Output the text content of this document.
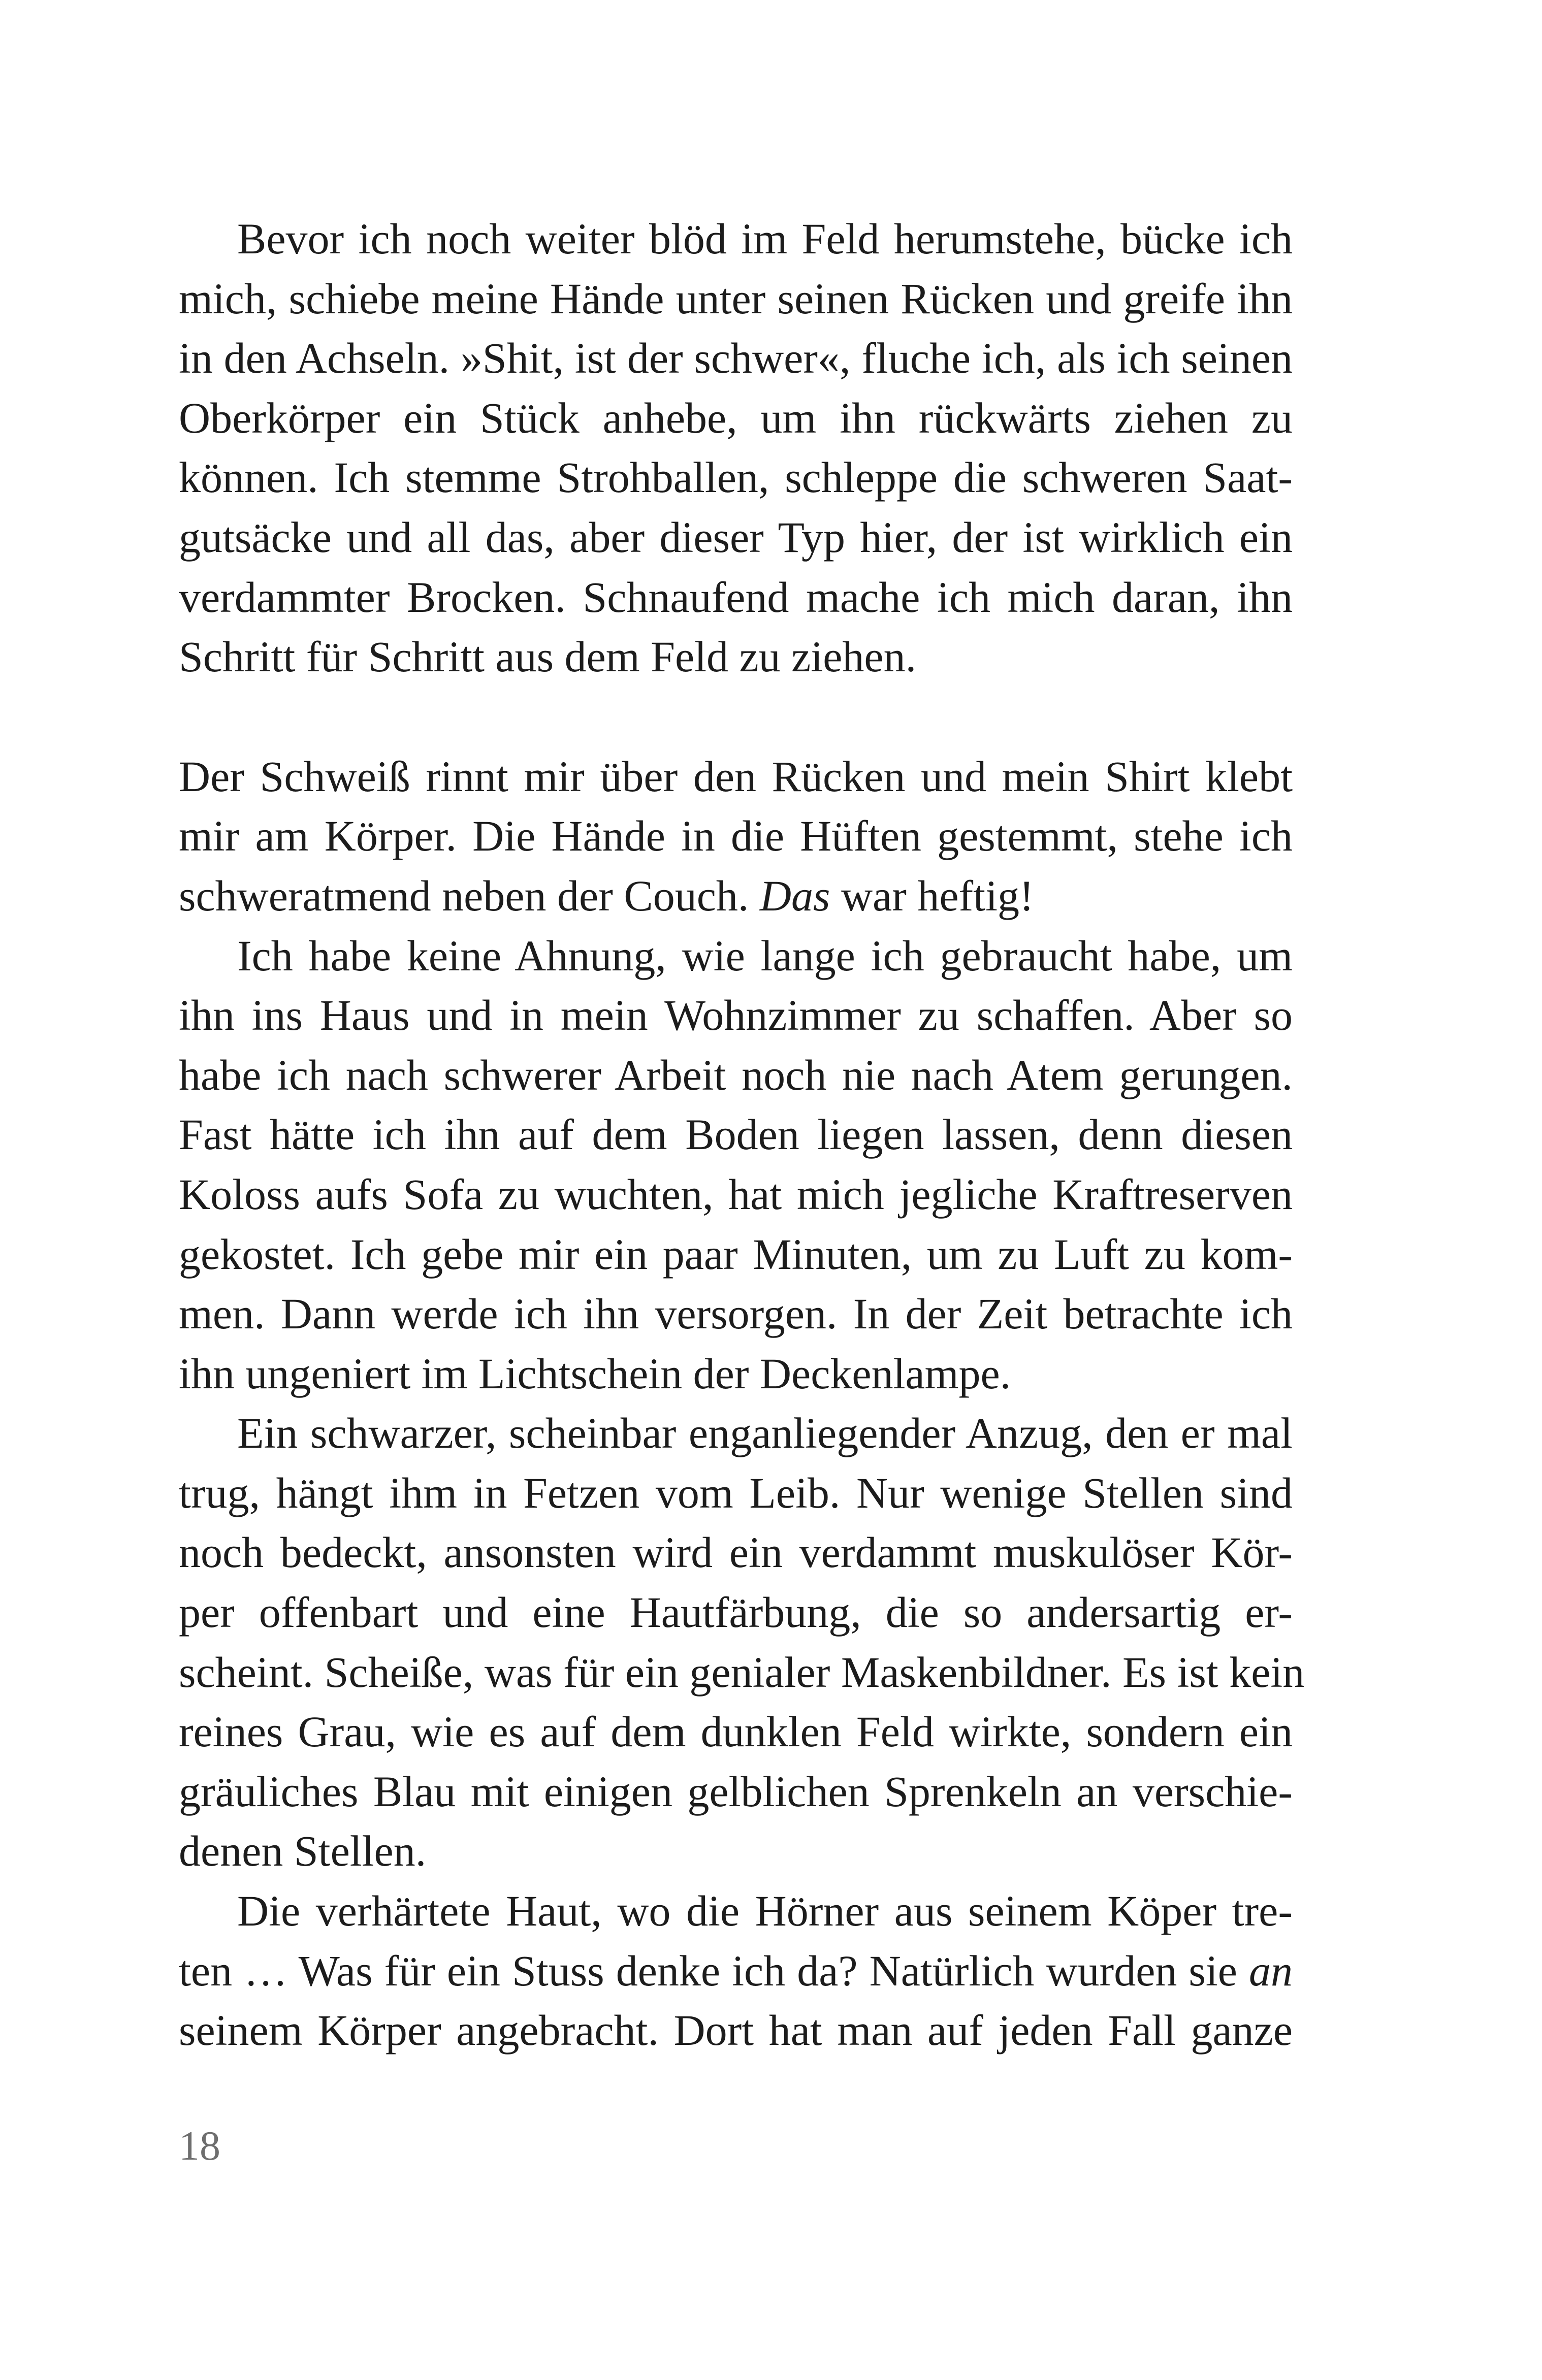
Bevor ich noch weiter blöd im Feld herumstehe, bücke ich
mich, schiebe meine Hände unter seinen Rücken und greife ihn
in den Achseln. »Shit, ist der schwer«, fluche ich, als ich seinen
Oberkörper ein Stück anhebe, um ihn rückwärts ziehen zu
können. Ich stemme Strohballen, schleppe die schweren Saat-
gutsäcke und all das, aber dieser Typ hier, der ist wirklich ein
verdammter Brocken. Schnaufend mache ich mich daran, ihn
Schritt für Schritt aus dem Feld zu ziehen.
Der Schweiß rinnt mir über den Rücken und mein Shirt klebt
mir am Körper. Die Hände in die Hüften gestemmt, stehe ich
schweratmend neben der Couch. Das war heftig!
Ich habe keine Ahnung, wie lange ich gebraucht habe, um
ihn ins Haus und in mein Wohnzimmer zu schaffen. Aber so
habe ich nach schwerer Arbeit noch nie nach Atem gerungen.
Fast hätte ich ihn auf dem Boden liegen lassen, denn diesen
Koloss aufs Sofa zu wuchten, hat mich jegliche Kraftreserven
gekostet. Ich gebe mir ein paar Minuten, um zu Luft zu kom-
men. Dann werde ich ihn versorgen. In der Zeit betrachte ich
ihn ungeniert im Lichtschein der Deckenlampe.
Ein schwarzer, scheinbar enganliegender Anzug, den er mal
trug, hängt ihm in Fetzen vom Leib. Nur wenige Stellen sind
noch bedeckt, ansonsten wird ein verdammt muskulöser Kör-
per offenbart und eine Hautfärbung, die so andersartig er-
scheint. Scheiße, was für ein genialer Maskenbildner. Es ist kein
reines Grau, wie es auf dem dunklen Feld wirkte, sondern ein
gräuliches Blau mit einigen gelblichen Sprenkeln an verschie-
denen Stellen.
Die verhärtete Haut, wo die Hörner aus seinem Köper tre-
ten … Was für ein Stuss denke ich da? Natürlich wurden sie an
seinem Körper angebracht. Dort hat man auf jeden Fall ganze
18
